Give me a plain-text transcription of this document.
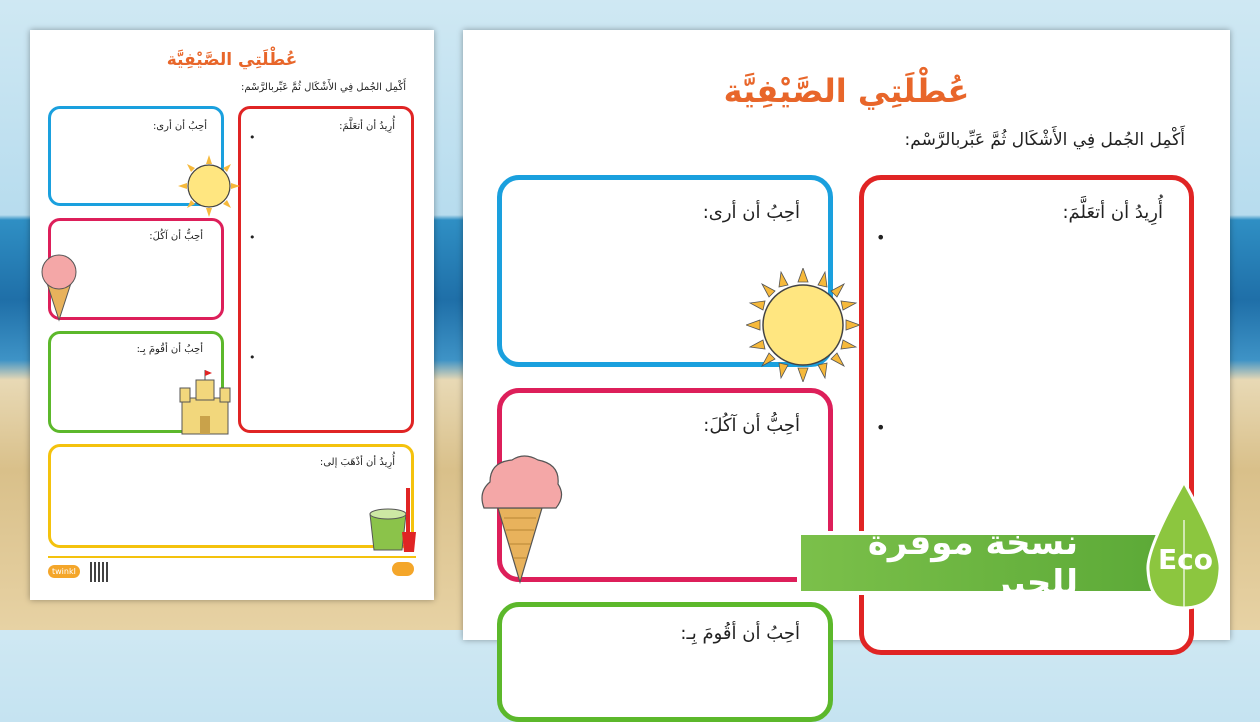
عُطْلَتِي الصَّيْفِيَّة
أَكْمِل الجُمل فِي الأَشْكَال ثُمَّ عَبِّربالرَّسْم:
أحِبُ أن أرى:	أُرِيدُ أن أتعَلَّمَ:
•
•
•
أحِبُّ أن آكُلَ:
أحِبُ أن أقُومَ بِـ:
أُرِيدُ أن أذْهَبَ إلى:
twinkl
عُطْلَتِي الصَّيْفِيَّة
أَكْمِل الجُمل فِي الأَشْكَال ثُمَّ عَبِّربالرَّسْم:
أحِبُ أن أرى:	أُرِيدُ أن أتعَلَّمَ:
•
•
أحِبُّ أن آكُلَ:
أحِبُ أن أقُومَ بِـ:
نسخة موفرة للحبر
Eco
